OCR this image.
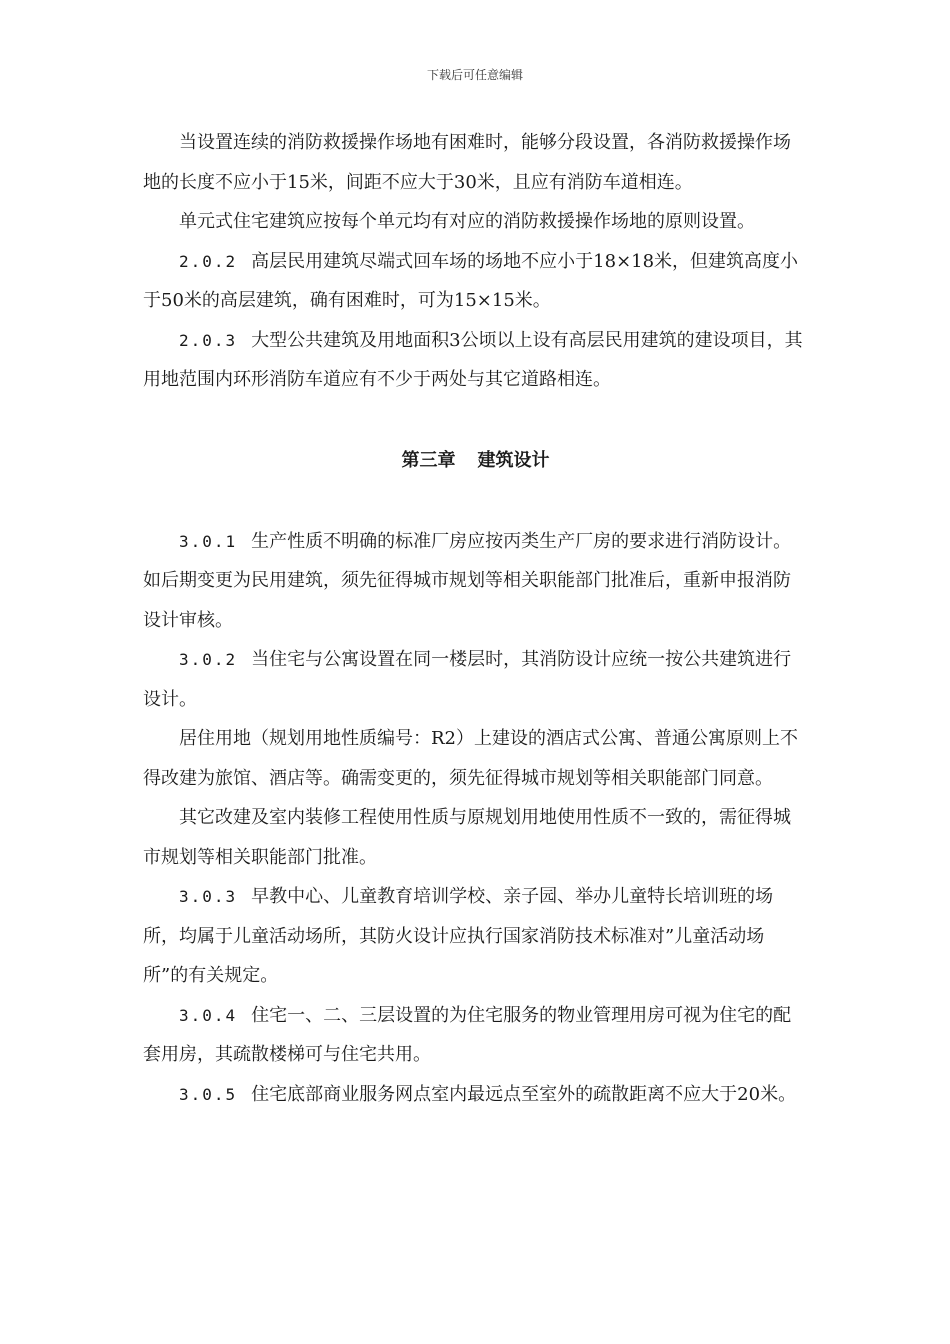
下载后可任意编辑

当设置连续的消防救援操作场地有困难时，能够分段设置，各消防救援操作场地的长度不应小于15米，间距不应大于30米，且应有消防车道相连。

单元式住宅建筑应按每个单元均有对应的消防救援操作场地的原则设置。

2.0.2 高层民用建筑尽端式回车场的场地不应小于18×18米，但建筑高度小于50米的高层建筑，确有困难时，可为15×15米。

2.0.3 大型公共建筑及用地面积3公顷以上设有高层民用建筑的建设项目，其用地范围内环形消防车道应有不少于两处与其它道路相连。

第三章 建筑设计

3.0.1 生产性质不明确的标准厂房应按丙类生产厂房的要求进行消防设计。如后期变更为民用建筑，须先征得城市规划等相关职能部门批准后，重新申报消防设计审核。

3.0.2 当住宅与公寓设置在同一楼层时，其消防设计应统一按公共建筑进行设计。

居住用地（规划用地性质编号：R2）上建设的酒店式公寓、普通公寓原则上不得改建为旅馆、酒店等。确需变更的，须先征得城市规划等相关职能部门同意。

其它改建及室内装修工程使用性质与原规划用地使用性质不一致的，需征得城市规划等相关职能部门批准。

3.0.3 早教中心、儿童教育培训学校、亲子园、举办儿童特长培训班的场所，均属于儿童活动场所，其防火设计应执行国家消防技术标准对”儿童活动场所”的有关规定。

3.0.4 住宅一、二、三层设置的为住宅服务的物业管理用房可视为住宅的配套用房，其疏散楼梯可与住宅共用。

3.0.5 住宅底部商业服务网点室内最远点至室外的疏散距离不应大于20米。
